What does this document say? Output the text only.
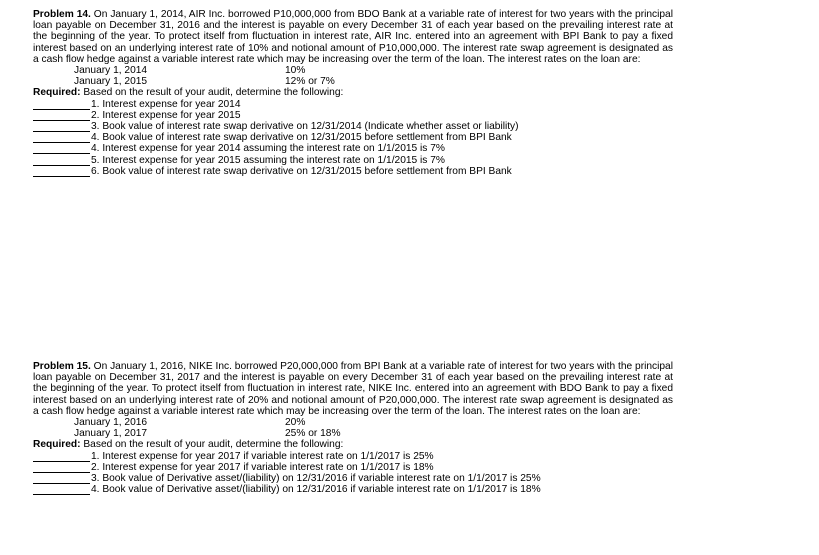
Problem 14. On January 1, 2014, AIR Inc. borrowed P10,000,000 from BDO Bank at a variable rate of interest for two years with the principal loan payable on December 31, 2016 and the interest is payable on every December 31 of each year based on the prevailing interest rate at the beginning of the year. To protect itself from fluctuation in interest rate, AIR Inc. entered into an agreement with BPI Bank to pay a fixed interest based on an underlying interest rate of 10% and notional amount of P10,000,000. The interest rate swap agreement is designated as a cash flow hedge against a variable interest rate which may be increasing over the term of the loan. The interest rates on the loan are:

January 1, 2014	10%
January 1, 2015	12% or 7%

Required: Based on the result of your audit, determine the following:

1. Interest expense for year 2014
2. Interest expense for year 2015
3. Book value of interest rate swap derivative on 12/31/2014 (Indicate whether asset or liability)
4. Book value of interest rate swap derivative on 12/31/2015 before settlement from BPI Bank
4. Interest expense for year 2014 assuming the interest rate on 1/1/2015 is 7%
5. Interest expense for year 2015 assuming the interest rate on 1/1/2015 is 7%
6. Book value of interest rate swap derivative on 12/31/2015 before settlement from BPI Bank

Problem 15. On January 1, 2016, NIKE Inc. borrowed P20,000,000 from BPI Bank at a variable rate of interest for two years with the principal loan payable on December 31, 2017 and the interest is payable on every December 31 of each year based on the prevailing interest rate at the beginning of the year. To protect itself from fluctuation in interest rate, NIKE Inc. entered into an agreement with BDO Bank to pay a fixed interest based on an underlying interest rate of 20% and notional amount of P20,000,000. The interest rate swap agreement is designated as a cash flow hedge against a variable interest rate which may be increasing over the term of the loan. The interest rates on the loan are:

January 1, 2016	20%
January 1, 2017	25% or 18%

Required: Based on the result of your audit, determine the following:

1. Interest expense for year 2017 if variable interest rate on 1/1/2017 is 25%
2. Interest expense for year 2017 if variable interest rate on 1/1/2017 is 18%
3. Book value of Derivative asset/(liability) on 12/31/2016 if variable interest rate on 1/1/2017 is 25%
4. Book value of Derivative asset/(liability) on 12/31/2016 if variable interest rate on 1/1/2017 is 18%
